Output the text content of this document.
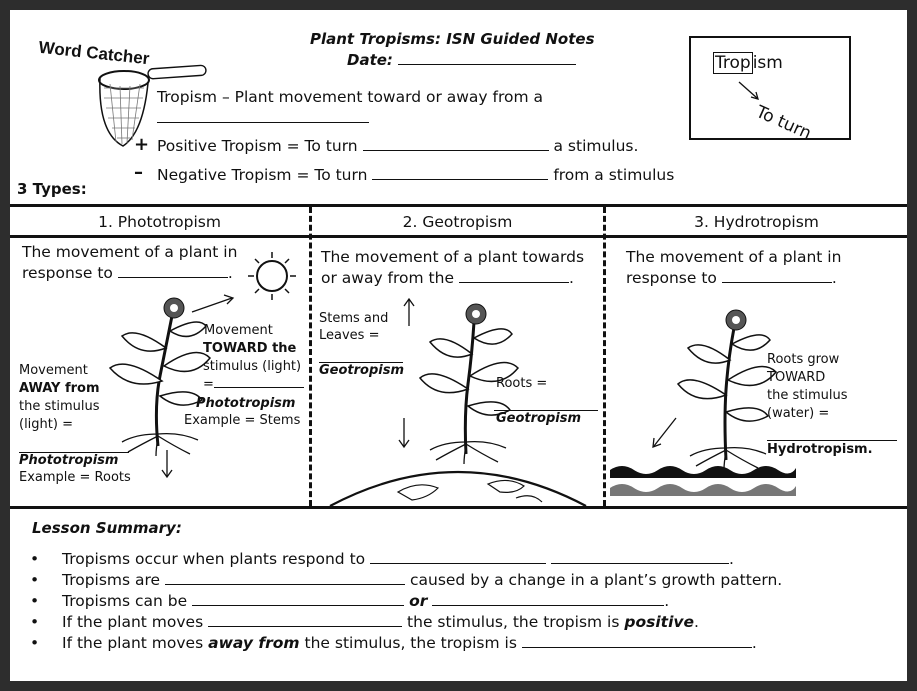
Word Catcher	Plant Tropisms: ISN Guided Notes
Date:
Tropism – Plant movement toward or away from a
+ Positive Tropism = To turn	a stimulus.
– Negative Tropism = To turn	from a stimulus
3 Types:
Trop ism
To turn
1. Phototropism	2. Geotropism	3. Hydrotropism
The movement of a plant in
response to	.
Movement
TOWARD the
stimulus (light)
=
Phototropism
Example = Stems
Movement
AWAY from
the stimulus
(light) =
Phototropism
Example = Roots
The movement of a plant towards
or away from the	.
Stems and
Leaves =
Geotropism
Roots =
Geotropism
The movement of a plant in
response to	.
Roots grow
TOWARD
the stimulus
(water) =
Hydrotropism.
Lesson Summary:
• Tropisms occur when plants respond to	.
• Tropisms are	caused by a change in a plant’s growth pattern.
• Tropisms can be	or	.
• If the plant moves	the stimulus, the tropism is positive.
• If the plant moves away from the stimulus, the tropism is	.
